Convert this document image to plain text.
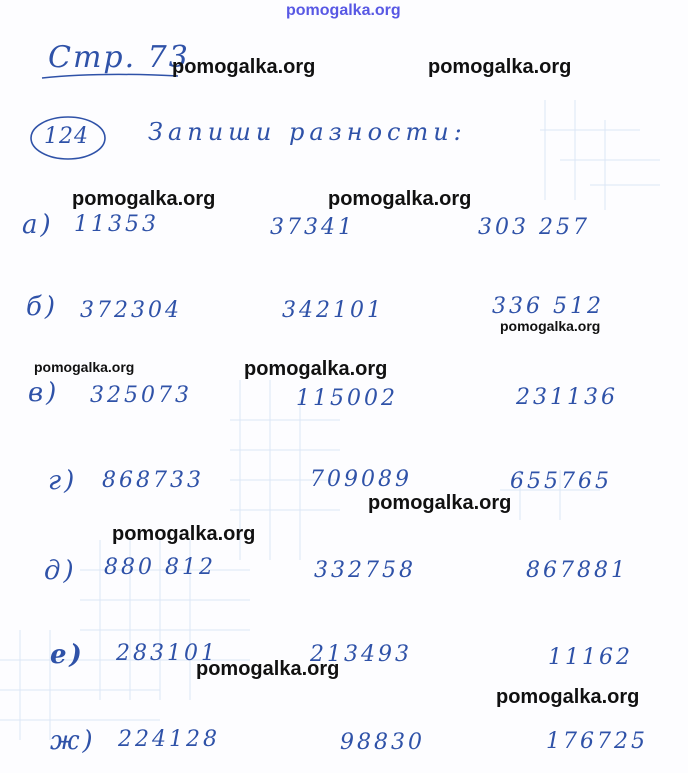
pomogalka.org
Стр. 73
pomogalka.org	pomogalka.org
124 Запиши разности:
pomogalka.org	pomogalka.org
а) 11353	37341	303 257
б) 372304	342101	336 512
pomogalka.org
pomogalka.org	pomogalka.org
в) 325073	115002	231136
г) 868733	709089	655765
pomogalka.org
pomogalka.org
д) 880 812	332758	867881
е) 283101	213493	11162
pomogalka.org
pomogalka.org
ж) 224128	98830	176725
